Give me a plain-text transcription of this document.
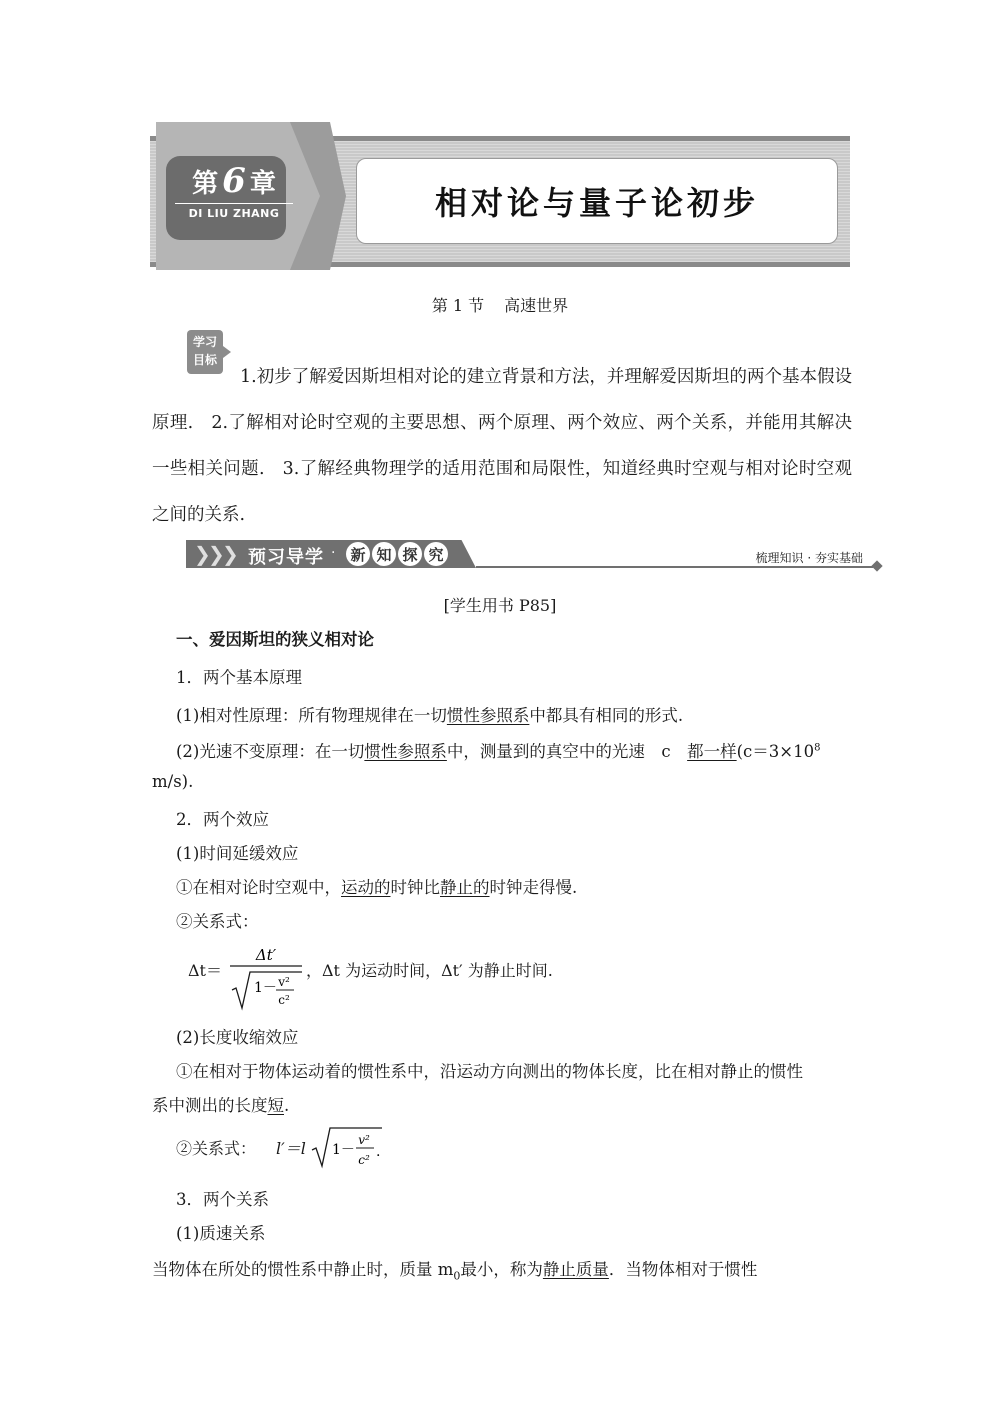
第 6 章
DI LIU ZHANG	相对论与量子论初步
第 1 节 高速世界
学习
目标
1.初步了解爱因斯坦相对论的建立背景和方法，并理解爱因斯坦的两个基本假设原理.　2.了解相对论时空观的主要思想、两个原理、两个效应、两个关系，并能用其解决一些相关问题.　3.了解经典物理学的适用范围和局限性，知道经典时空观与相对论时空观之间的关系.
❯
❯
❯ 预习导学 · 新 知 探 究	梳理知识 · 夯实基础
[学生用书 P85]
一、爱因斯坦的狭义相对论
1．两个基本原理
(1)相对性原理：所有物理规律在一切惯性参照系中都具有相同的形式.
(2)光速不变原理：在一切惯性参照系中，测量到的真空中的光速　c　都一样($c=3\times 10^8$
m/s).
2．两个效应
(1)时间延缓效应
①在相对论时空观中，运动的时钟比静止的时钟走得慢.
②关系式：
Δt＝
Δt′
1－ v²
c²
，Δt 为运动时间，Δt′ 为静止时间.
(2)长度收缩效应
①在相对于物体运动着的惯性系中，沿运动方向测出的物体长度，比在相对静止的惯性
系中测出的长度短.
②关系式： l′＝l 1－
v²
c² .
3．两个关系
(1)质速关系
当物体在所处的惯性系中静止时，质量 $m_0$最小，称为静止质量．当物体相对于惯性
